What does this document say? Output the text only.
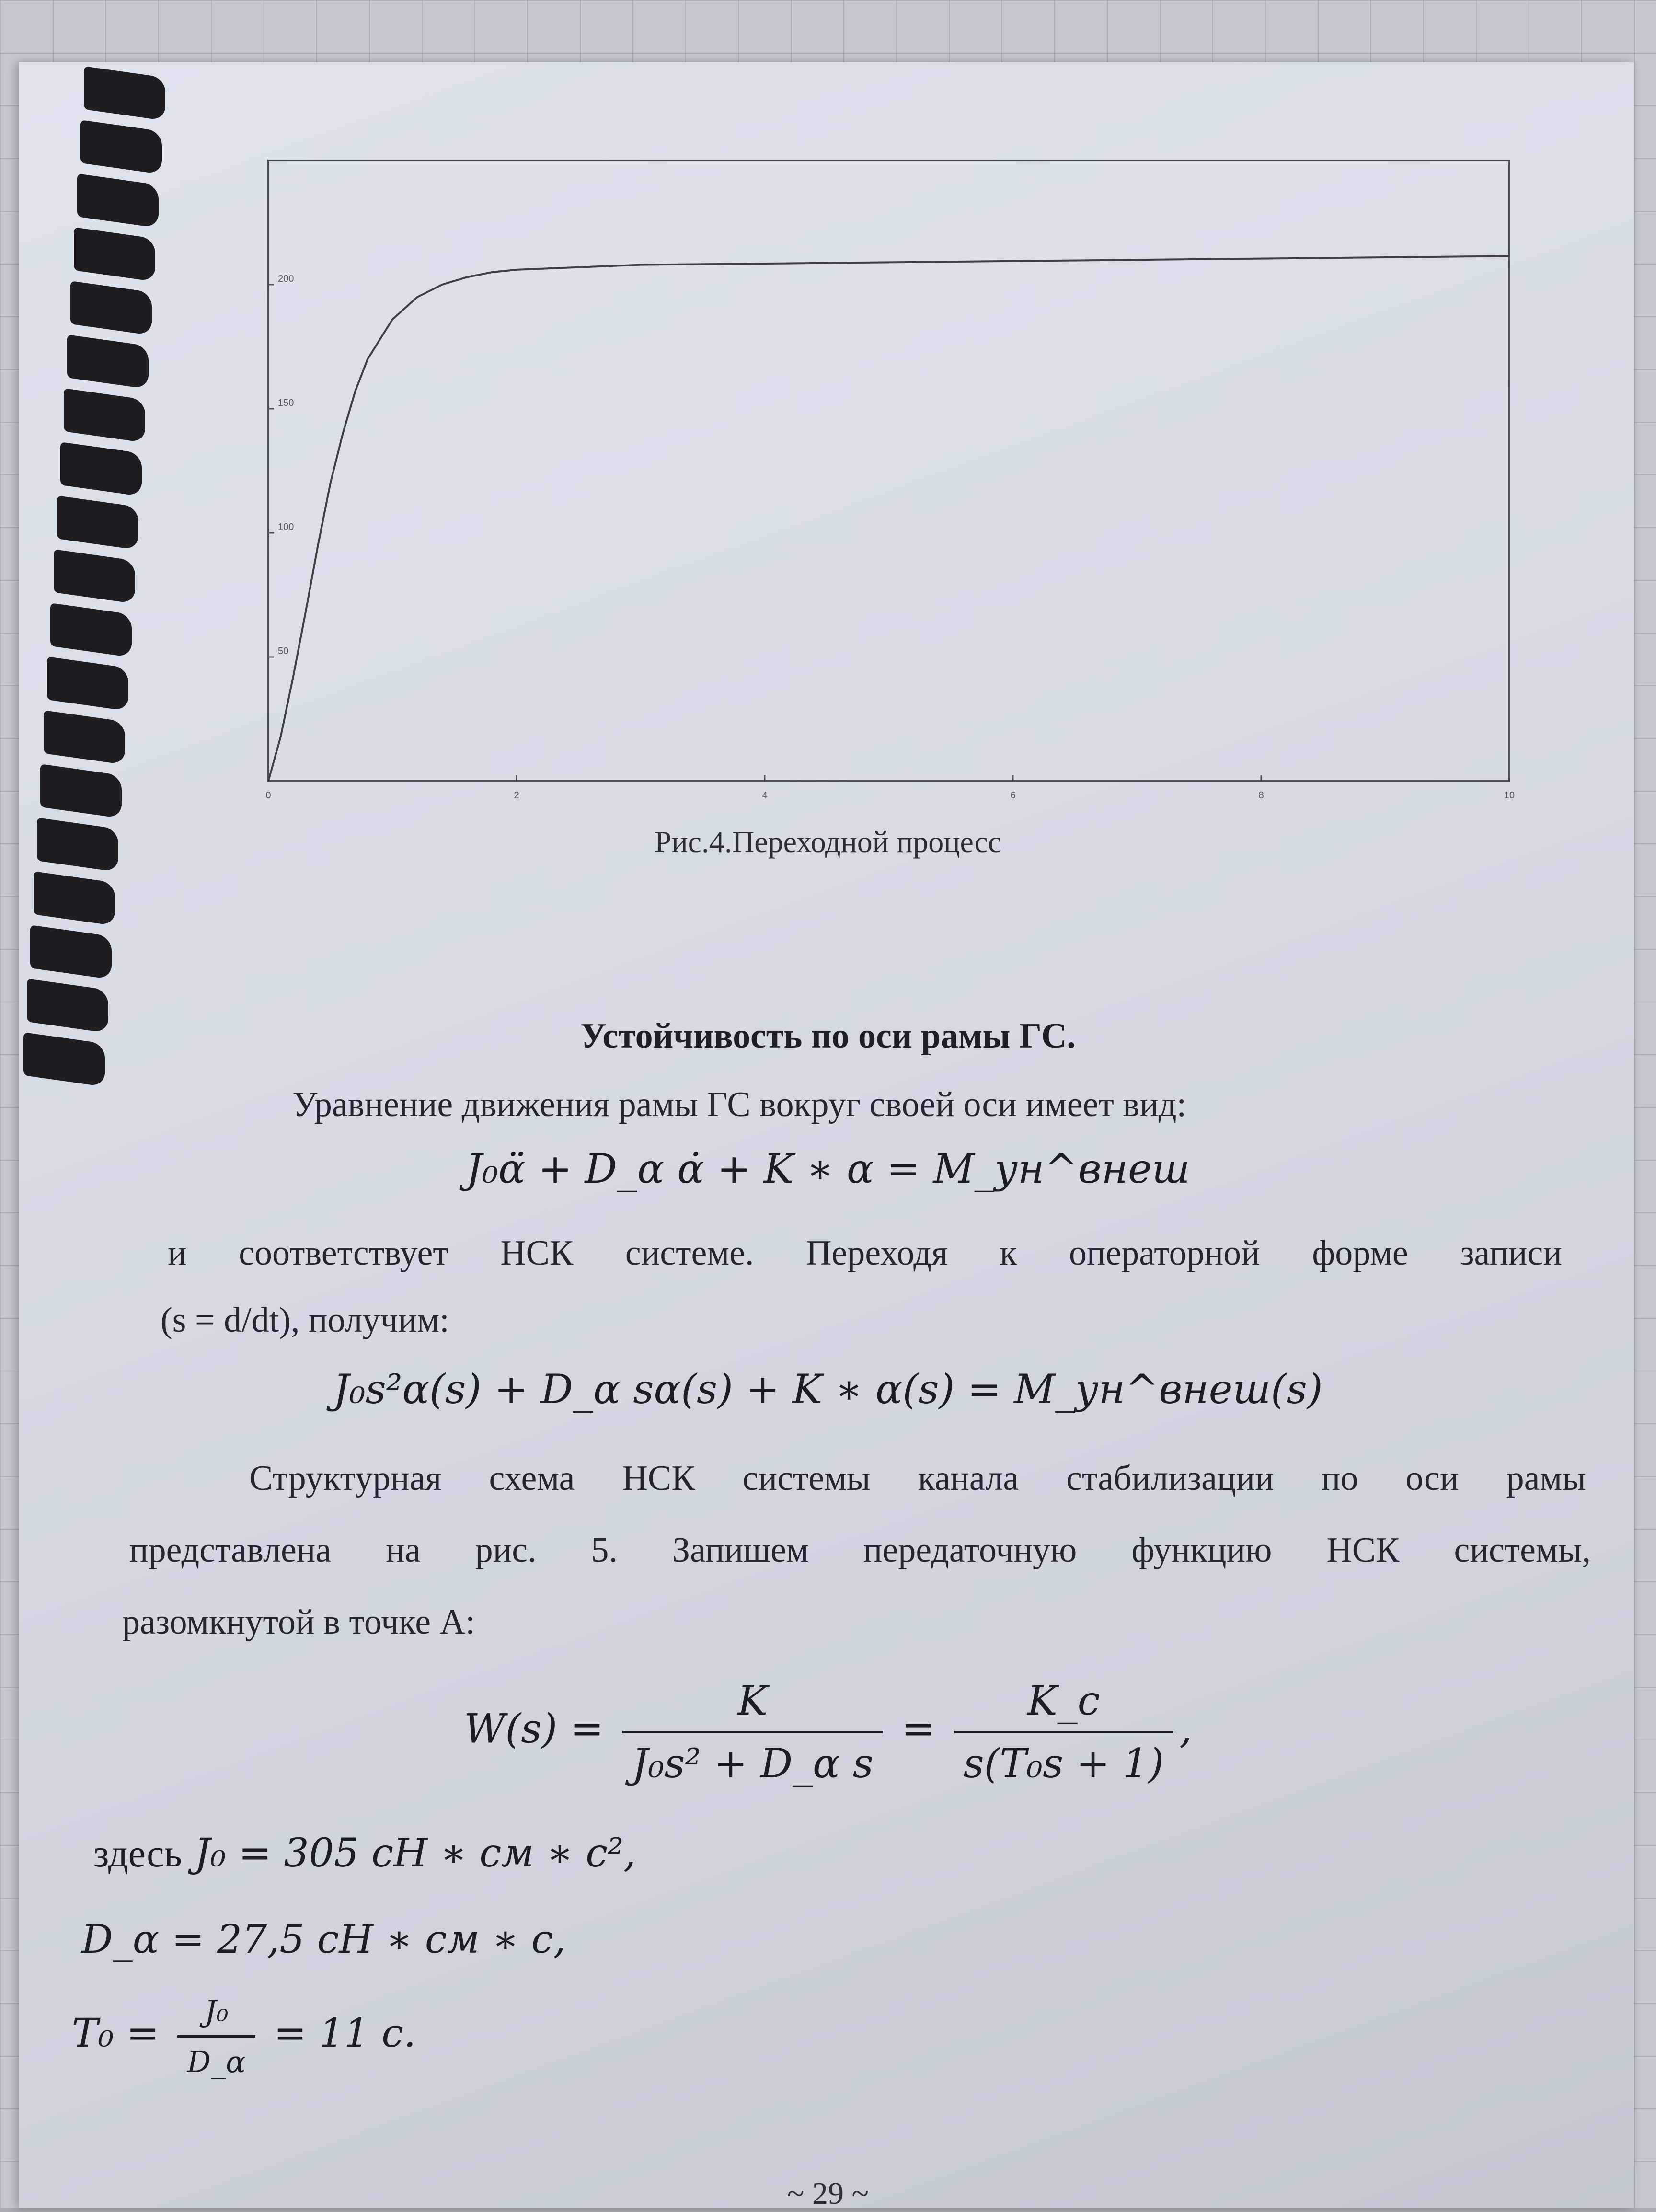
0	2	4	6	8	10
50
100
150
200
Рис.4.Переходной процесс
Устойчивость по оси рамы ГС.
Уравнение движения рамы ГС вокруг своей оси имеет вид:
J₀α̈ + D_α α̇ + K ∗ α = M_ун^внеш
и соответствует НСК системе. Переходя к операторной форме записи
(s = d/dt), получим:
J₀s²α(s) + D_α sα(s) + K ∗ α(s) = M_ун^внеш(s)
Структурная схема НСК системы канала стабилизации по оси рамы
представлена на рис. 5. Запишем передаточную функцию НСК системы,
разомкнутой в точке A:
$W(s) = \frac{K}{\text{J₀s² + D\_α s}} = \frac{K\_c}{\text{s(T₀s + 1)}}$ ,
здесь J₀ = 305 сН ∗ см ∗ с²,
D_α = 27,5 сН ∗ см ∗ с,
$T_0 = \frac{\text{J₀}}{D\_\alpha} = 11$ с.
~ 29 ~
